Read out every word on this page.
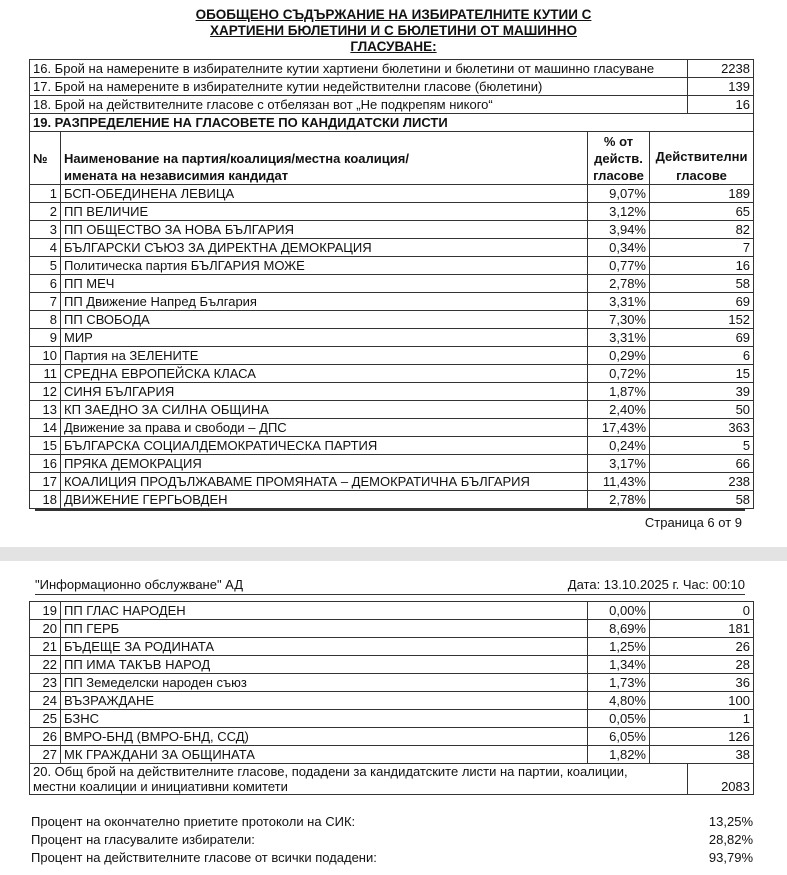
ОБОБЩЕНО СЪДЪРЖАНИЕ НА ИЗБИРАТЕЛНИТЕ КУТИИ С
ХАРТИЕНИ БЮЛЕТИНИ И С БЮЛЕТИНИ ОТ МАШИННО
ГЛАСУВАНЕ:
16. Брой на намерените в избирателните кутии хартиени бюлетини и бюлетини от машинно гласуване	2238
17. Брой на намерените в избирателните кутии недействителни гласове (бюлетини)	139
18. Брой на действителните гласове с отбелязан вот „Не подкрепям никого“	16
19. РАЗПРЕДЕЛЕНИЕ НА ГЛАСОВЕТЕ ПО КАНДИДАТСКИ ЛИСТИ			
№	Наименование на партия/коалиция/местна коалиция/
имената на независимия кандидат

% от
действ.
гласове

Действителни
гласове

1	БСП-ОБЕДИНЕНА ЛЕВИЦА	9,07%	189
2	ПП ВЕЛИЧИЕ	3,12%	65
3	ПП ОБЩЕСТВО ЗА НОВА БЪЛГАРИЯ	3,94%	82
4	БЪЛГАРСКИ СЪЮЗ ЗА ДИРЕКТНА ДЕМОКРАЦИЯ	0,34%	7
5	Политическа партия БЪЛГАРИЯ МОЖЕ	0,77%	16
6	ПП МЕЧ	2,78%	58
7	ПП Движение Напред България	3,31%	69
8	ПП СВОБОДА	7,30%	152
9	МИР	3,31%	69
10	Партия на ЗЕЛЕНИТЕ	0,29%	6
11	СРЕДНА ЕВРОПЕЙСКА КЛАСА	0,72%	15
12	СИНЯ БЪЛГАРИЯ	1,87%	39
13	КП ЗАЕДНО ЗА СИЛНА ОБЩИНА	2,40%	50
14	Движение за права и свободи – ДПС	17,43%	363
15	БЪЛГАРСКА СОЦИАЛДЕМОКРАТИЧЕСКА ПАРТИЯ	0,24%	5
16	ПРЯКА ДЕМОКРАЦИЯ	3,17%	66
17	КОАЛИЦИЯ ПРОДЪЛЖАВАМЕ ПРОМЯНАТА – ДЕМОКРАТИЧНА БЪЛГАРИЯ	11,43%	238
18	ДВИЖЕНИЕ ГЕРГЬОВДЕН	2,78%	58
Страница 6 от 9
"Информационно обслужване" АД	Дата: 13.10.2025 г. Час: 00:10
19	ПП ГЛАС НАРОДЕН	0,00%	0
20	ПП ГЕРБ	8,69%	181
21	БЪДЕЩЕ ЗА РОДИНАТА	1,25%	26
22	ПП ИМА ТАКЪВ НАРОД	1,34%	28
23	ПП Земеделски народен съюз	1,73%	36
24	ВЪЗРАЖДАНЕ	4,80%	100
25	БЗНС	0,05%	1
26	ВМРО-БНД (ВМРО-БНД, ССД)	6,05%	126
27	МК ГРАЖДАНИ ЗА ОБЩИНАТА	1,82%	38
20. Общ брой на действителните гласове, подадени за кандидатските листи на партии, коалиции,
местни коалиции и инициативни комитети	2083
Процент на окончателно приетите протоколи на СИК:	13,25%
Процент на гласувалите избиратели:	28,82%
Процент на действителните гласове от всички подадени:	93,79%
